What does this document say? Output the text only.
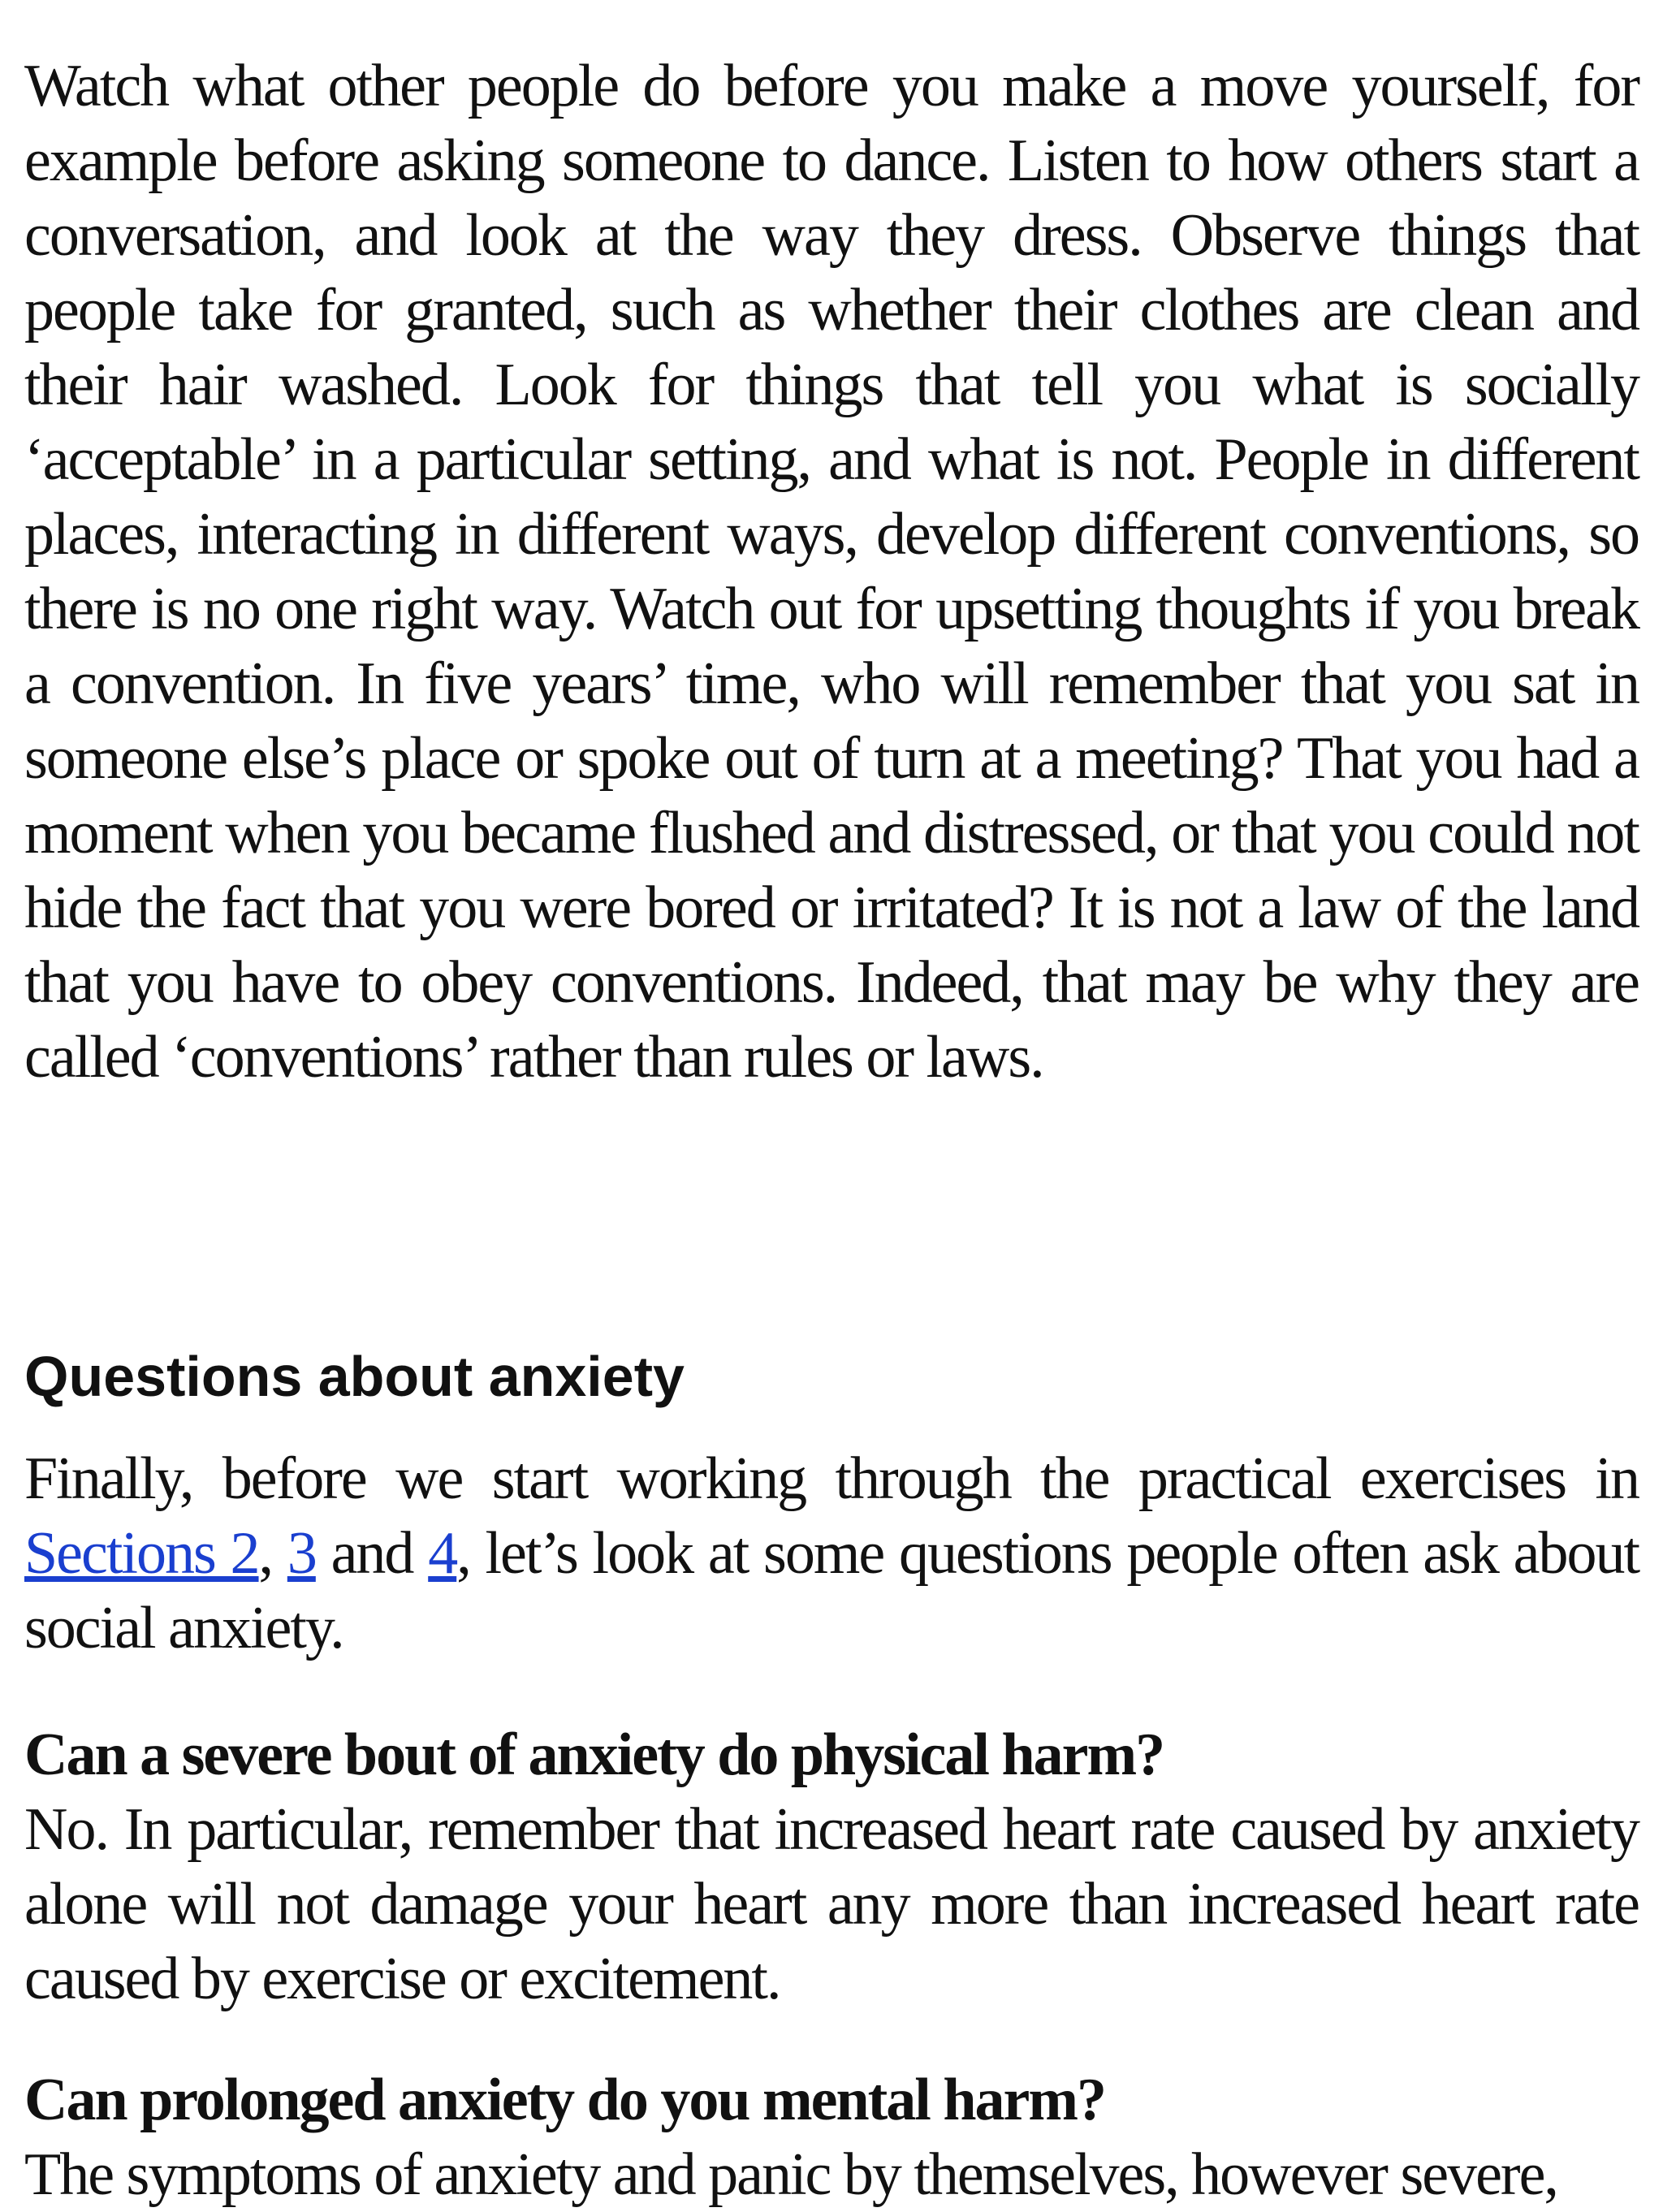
Watch what other people do before you make a move yourself, for example before asking someone to dance. Listen to how others start a conversation, and look at the way they dress. Observe things that people take for granted, such as whether their clothes are clean and their hair washed. Look for things that tell you what is socially ‘acceptable’ in a particular setting, and what is not. People in different places, interacting in different ways, develop different conventions, so there is no one right way. Watch out for upsetting thoughts if you break a convention. In five years’ time, who will remember that you sat in someone else’s place or spoke out of turn at a meeting? That you had a moment when you became flushed and distressed, or that you could not hide the fact that you were bored or irritated? It is not a law of the land that you have to obey conventions. Indeed, that may be why they are called ‘conventions’ rather than rules or laws.

Questions about anxiety

Finally, before we start working through the practical exercises in Sections 2, 3 and 4, let’s look at some questions people often ask about social anxiety.

Can a severe bout of anxiety do physical harm?

No. In particular, remember that increased heart rate caused by anxiety alone will not damage your heart any more than increased heart rate caused by exercise or excitement.

Can prolonged anxiety do you mental harm?

The symptoms of anxiety and panic by themselves, however severe,
